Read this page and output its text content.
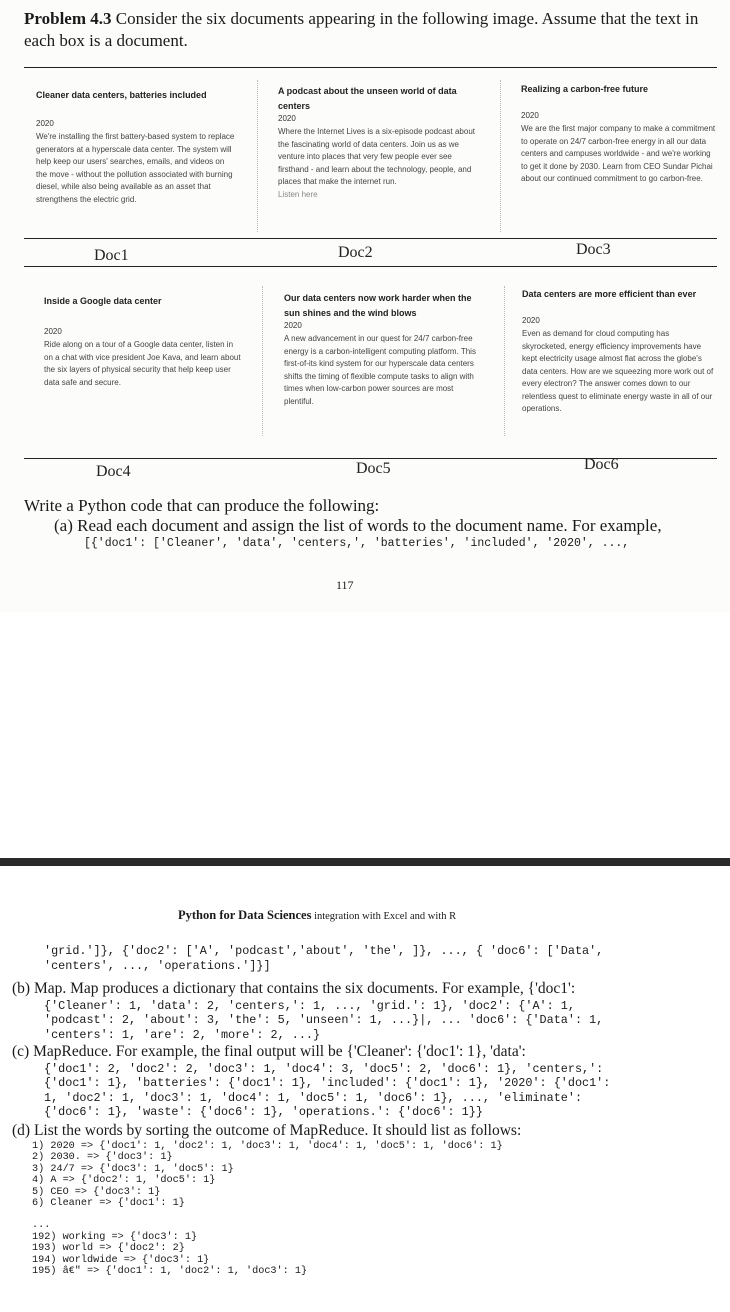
Problem 4.3 Consider the six documents appearing in the following image. Assume that the text in each box is a document.
Cleaner data centers, batteries included
2020
We're installing the first battery-based system to replace generators at a hyperscale data center. The system will help keep our users' searches, emails, and videos on the move - without the pollution associated with burning diesel, while also being available as an asset that strengthens the electric grid.
A podcast about the unseen world of data centers
2020
Where the Internet Lives is a six-episode podcast about the fascinating world of data centers. Join us as we venture into places that very few people ever see firsthand - and learn about the technology, people, and places that make the internet run.
Listen here
Realizing a carbon-free future
2020
We are the first major company to make a commitment to operate on 24/7 carbon-free energy in all our data centers and campuses worldwide - and we're working to get it done by 2030. Learn from CEO Sundar Pichai about our continued commitment to go carbon-free.
Doc1	Doc2	Doc3
Inside a Google data center
2020
Ride along on a tour of a Google data center, listen in on a chat with vice president Joe Kava, and learn about the six layers of physical security that help keep user data safe and secure.
Our data centers now work harder when the sun shines and the wind blows
2020
A new advancement in our quest for 24/7 carbon-free energy is a carbon-intelligent computing platform. This first-of-its kind system for our hyperscale data centers shifts the timing of flexible compute tasks to align with times when low-carbon power sources are most plentiful.
Data centers are more efficient than ever
2020
Even as demand for cloud computing has skyrocketed, energy efficiency improvements have kept electricity usage almost flat across the globe's data centers. How are we squeezing more work out of every electron? The answer comes down to our relentless quest to eliminate energy waste in all of our operations.
Doc4	Doc5	Doc6
Write a Python code that can produce the following:
(a) Read each document and assign the list of words to the document name. For example,
[{'doc1': ['Cleaner', 'data', 'centers,', 'batteries', 'included', '2020', ...,
117
Python for Data Sciences integration with Excel and with R
'grid.']}, {'doc2': ['A', 'podcast','about', 'the', ]}, ..., { 'doc6': ['Data',
'centers', ..., 'operations.']}]
(b) Map. Map produces a dictionary that contains the six documents. For example, {'doc1':
{'Cleaner': 1, 'data': 2, 'centers,': 1, ..., 'grid.': 1}, 'doc2': {'A': 1,
'podcast': 2, 'about': 3, 'the': 5, 'unseen': 1, ...}|, ... 'doc6': {'Data': 1,
'centers': 1, 'are': 2, 'more': 2, ...}
(c) MapReduce. For example, the final output will be {'Cleaner': {'doc1': 1}, 'data':
{'doc1': 2, 'doc2': 2, 'doc3': 1, 'doc4': 3, 'doc5': 2, 'doc6': 1}, 'centers,':
{'doc1': 1}, 'batteries': {'doc1': 1}, 'included': {'doc1': 1}, '2020': {'doc1':
1, 'doc2': 1, 'doc3': 1, 'doc4': 1, 'doc5': 1, 'doc6': 1}, ..., 'eliminate':
{'doc6': 1}, 'waste': {'doc6': 1}, 'operations.': {'doc6': 1}}
(d) List the words by sorting the outcome of MapReduce. It should list as follows:
1) 2020 => {'doc1': 1, 'doc2': 1, 'doc3': 1, 'doc4': 1, 'doc5': 1, 'doc6': 1}
2) 2030. => {'doc3': 1}
3) 24/7 => {'doc3': 1, 'doc5': 1}
4) A => {'doc2': 1, 'doc5': 1}
5) CEO => {'doc3': 1}
6) Cleaner => {'doc1': 1}
...
192) working => {'doc3': 1}
193) world => {'doc2': 2}
194) worldwide => {'doc3': 1}
195) â€" => {'doc1': 1, 'doc2': 1, 'doc3': 1}
